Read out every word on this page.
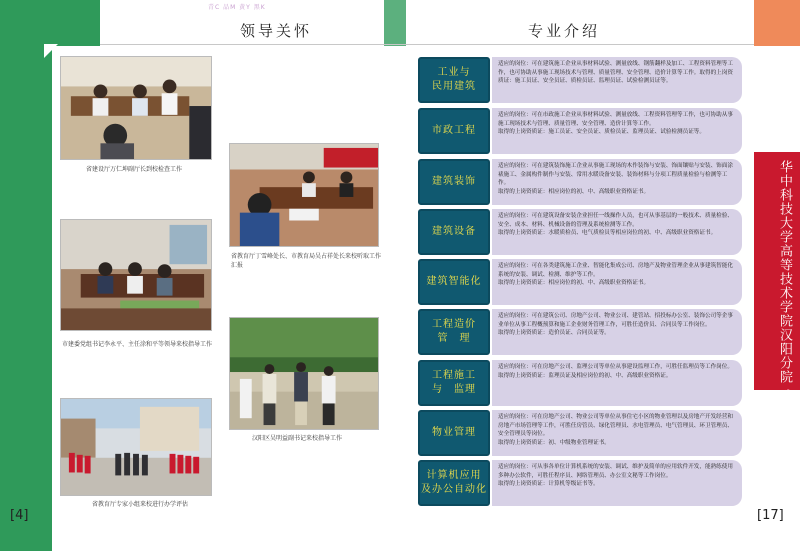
青C 品M 黄Y 黑K
领导关怀	专业介绍
华中科技大学高等技术学院汉阳分院 武汉市建设学校
[4]	[17]
省建设厅万仁坤副厅长到校检查工作
省教育厅丁雪峰处长、市教育局吴占祥处长来校听取工作汇报
市建委党组书记李永平、主任涂和平等领导来校指导工作
汉阳区吴明益副书记来校指导工作
省教育厅专家小组来校进行办学评估
工业与
民用建筑

适应的岗位：可在建筑施工企业从事材料试验、测量放线、钢筋翻样及加工、工程资料管理等工作，也可协助从事施工现场技术与管理、质量管理、安全管理、造价计算等工作。取得的上岗资质证：施工员证、安全员证、质检员证、监理员证、试验检测员证等。

市政工程

适应的岗位：可在市政施工企业从事材料试验、测量放线、工程资料管理等工作，也可协助从事施工现场技术与管理、质量管理、安全管理、造价计算等工作。

取得的上岗资质证：施工员证、安全员证、质检员证、监理员证、试验检测员证等。

建筑装饰

适应的岗位：可在建筑装饰施工企业从事施工现场的木作装饰与安装、饰面镶贴与安装、饰面涂裱施工、金属构件制作与安装、常用水暖设备安装、装饰材料与分项工程质量检验与检测等工作。

取得的上岗资质证：相应岗位的初、中、高级职业资格证书。

建筑设备

适应的岗位：可在建筑设备安装企业担任一线操作人员，也可从事基层的一般技术、质量检验、安全、成本、材料、机械设备的管理及系统检测等工作。

取得的上岗资质证：水暖质检员、电气质检员等相应岗位的初、中、高级职业资格证书。

建筑智能化

适应的岗位：可在各类建筑施工企业、智能化集成公司、房地产及物业管理企业从事建筑智能化系统的安装、调试、检测、维护等工作。

取得的上岗资质证：相应岗位的初、中、高级职业资格证书。

工程造价
管　理

适应的岗位：可在建筑公司、房地产公司、物业公司、建管站、招投标办公室、装饰公司等企事业单位从事工程概预算和施工企业财务管理工作，可胜任造价员、合同员等工作岗位。

取得的上岗资质证：造价员证、合同员证等。

工程施工
与　监理

适应的岗位：可在房地产公司、监理公司等单位从事建设监理工作，可胜任监理员等工作岗位。

取得的上岗资质证：监理员证及相应岗位的初、中、高级职业资格证。

物业管理

适应的岗位：可在房地产公司、物业公司等单位从事住宅小区的物业管理以及房地产开发经营和房地产市场管理等工作，可胜任房管员、绿化管理员、水电管理员、电气管理员、环卫管理员、安全管理员等岗位。

取得的上岗资质证：初、中级物业管理证书。

计算机应用
及办公自动化

适应的岗位：可从事各单位计算机系统的安装、调试、维护及简单的应用软件开发，能熟练使用多种办公软件，可胜任程序员、网络管理员、办公室文秘等工作岗位。

取得的上岗资质证：计算机等级证书等。
